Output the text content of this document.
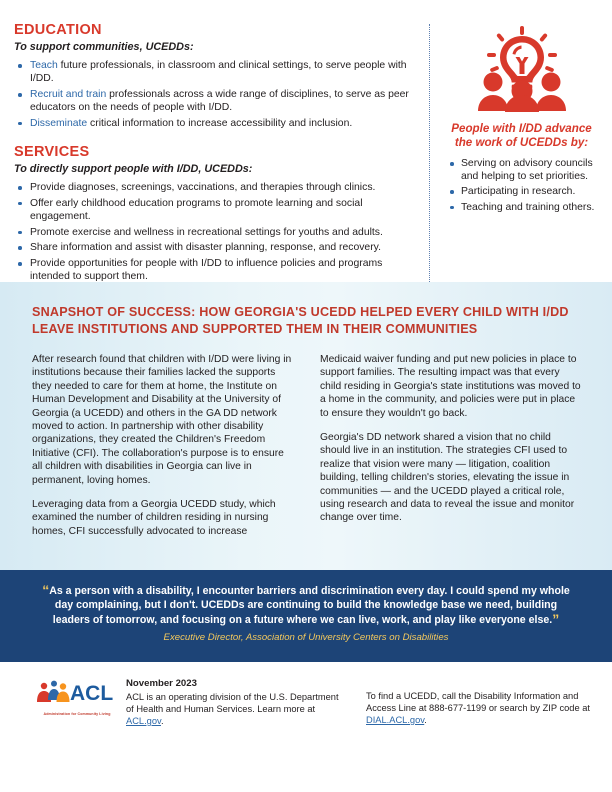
EDUCATION

To support communities, UCEDDs:

Teach future professionals, in classroom and clinical settings, to serve people with I/DD.
Recruit and train professionals across a wide range of disciplines, to serve as peer educators on the needs of people with I/DD.
Disseminate critical information to increase accessibility and inclusion.
SERVICES

To directly support people with I/DD, UCEDDs:

Provide diagnoses, screenings, vaccinations, and therapies through clinics.
Offer early childhood education programs to promote learning and social engagement.
Promote exercise and wellness in recreational settings for youths and adults.
Share information and assist with disaster planning, response, and recovery.
Provide opportunities for people with I/DD to influence policies and programs intended to support them.

People with I/DD advance the work of UCEDDs by:

Serving on advisory councils and helping to set priorities.
Participating in research.
Teaching and training others.
SNAPSHOT OF SUCCESS: HOW GEORGIA'S UCEDD HELPED EVERY CHILD WITH I/DD LEAVE INSTITUTIONS AND SUPPORTED THEM IN THEIR COMMUNITIES

After research found that children with I/DD were living in institutions because their families lacked the supports they needed to care for them at home, the Institute on Human Development and Disability at the University of Georgia (a UCEDD) and others in the GA DD network moved to action. In partnership with other disability organizations, they created the Children's Freedom Initiative (CFI). The collaboration's purpose is to ensure all children with disabilities in Georgia can live in permanent, loving homes.

Leveraging data from a Georgia UCEDD study, which examined the number of children residing in nursing homes, CFI successfully advocated to increase

Medicaid waiver funding and put new policies in place to support families. The resulting impact was that every child residing in Georgia's state institutions was moved to a home in the community, and policies were put in place to ensure they wouldn't go back.

Georgia's DD network shared a vision that no child should live in an institution. The strategies CFI used to realize that vision were many — litigation, coalition building, telling children's stories, elevating the issue in communities — and the UCEDD played a critical role, using research and data to reveal the issue and monitor change over time.

“As a person with a disability, I encounter barriers and discrimination every day. I could spend my whole day complaining, but I don't. UCEDDs are continuing to build the knowledge base we need, building leaders of tomorrow, and focusing on a future where we can live, work, and play like everyone else.”

Executive Director, Association of University Centers on Disabilities

ACL
Administration for Community Living

November 2023

ACL is an operating division of the U.S. Department of Health and Human Services. Learn more at ACL.gov.

To find a UCEDD, call the Disability Information and Access Line at 888-677-1199 or search by ZIP code at DIAL.ACL.gov.
